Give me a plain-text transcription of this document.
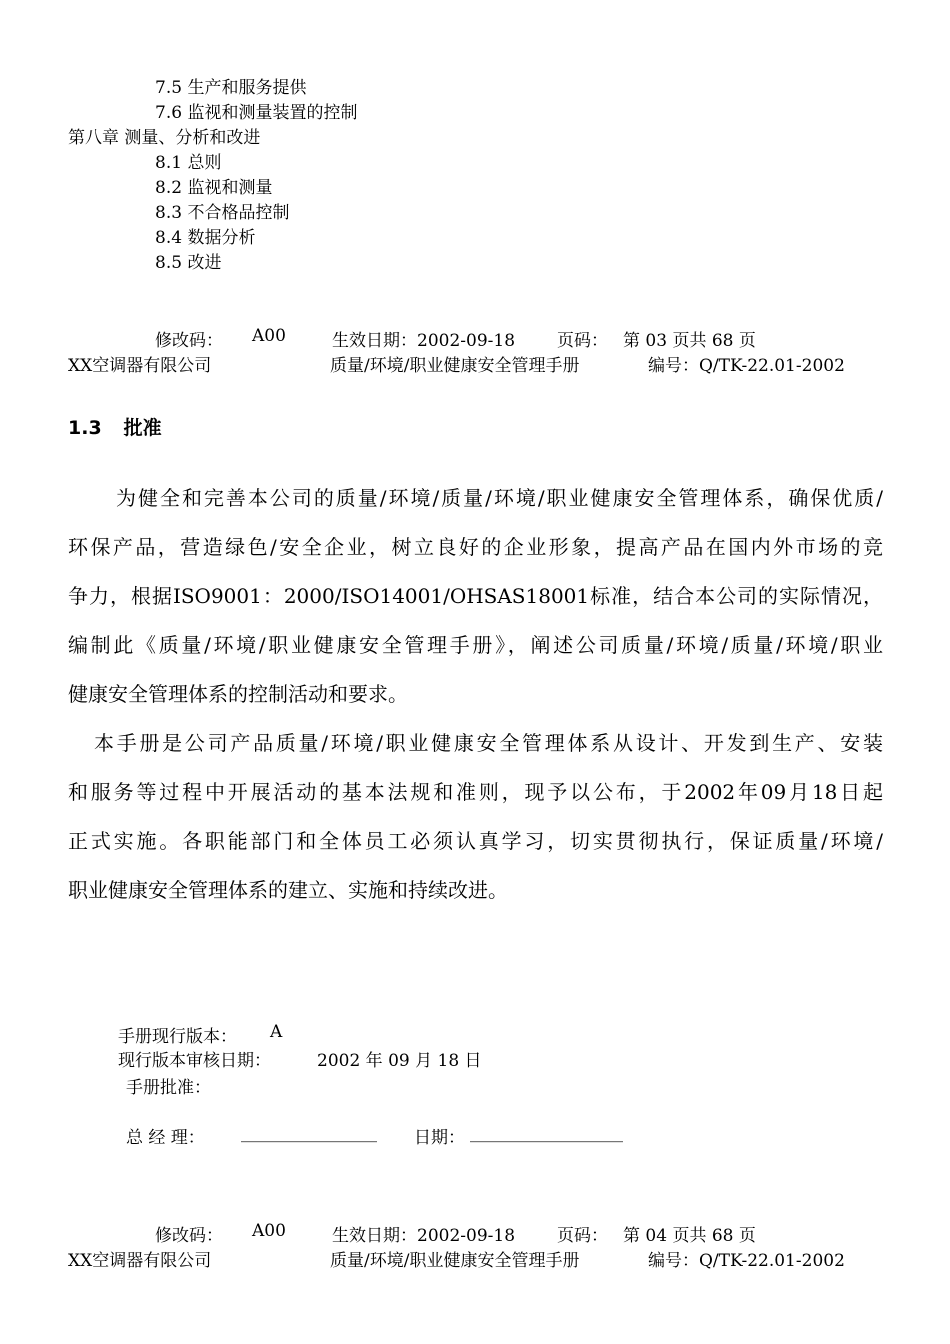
7.5 生产和服务提供
7.6 监视和测量装置的控制
第八章 测量、分析和改进
8.1 总则
8.2 监视和测量
8.3 不合格品控制
8.4 数据分析
8.5 改进
修改码： A00	生效日期：2002-09-18 页码： 第 03 页共 68 页
XX空调器有限公司	质量/环境/职业健康安全管理手册	编号：Q/TK-22.01-2002
1.3 批准
为健全和完善本公司的质量/环境/质量/环境/职业健康安全管理体系，确保优质/
环保产品，营造绿色/安全企业，树立良好的企业形象，提高产品在国内外市场的竞
争力，根据ISO9001：2000/ISO14001/OHSAS18001标准，结合本公司的实际情况，
编制此《质量/环境/职业健康安全管理手册》，阐述公司质量/环境/质量/环境/职业
健康安全管理体系的控制活动和要求。
本手册是公司产品质量/环境/职业健康安全管理体系从设计、开发到生产、安装
和服务等过程中开展活动的基本法规和准则，现予以公布，于2002年09月18日起
正式实施。各职能部门和全体员工必须认真学习，切实贯彻执行，保证质量/环境/
职业健康安全管理体系的建立、实施和持续改进。
手册现行版本： A
现行版本审核日期：	2002 年 09 月 18 日
手册批准：
总 经 理： ________________ 日期： __________________
修改码： A00	生效日期：2002-09-18 页码： 第 04 页共 68 页
XX空调器有限公司	质量/环境/职业健康安全管理手册	编号：Q/TK-22.01-2002
